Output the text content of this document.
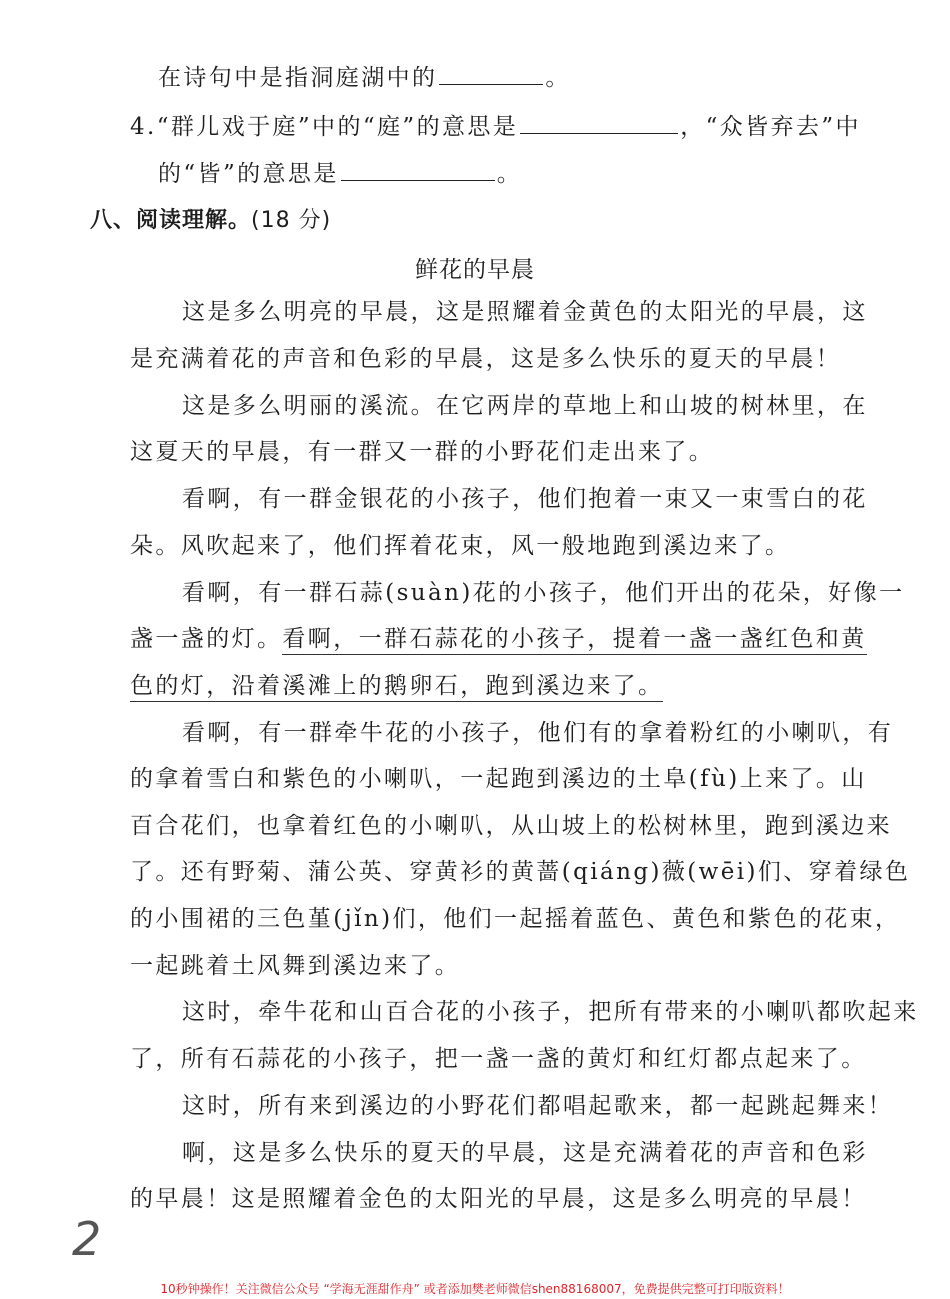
在诗句中是指洞庭湖中的	。
4.“群儿戏于庭”中的“庭”的意思是	，“众皆弃去”中
的“皆”的意思是	。
八、阅读理解。(18 分)
鲜花的早晨
这是多么明亮的早晨，这是照耀着金黄色的太阳光的早晨，这
是充满着花的声音和色彩的早晨，这是多么快乐的夏天的早晨！
这是多么明丽的溪流。在它两岸的草地上和山坡的树林里，在
这夏天的早晨，有一群又一群的小野花们走出来了。
看啊，有一群金银花的小孩子，他们抱着一束又一束雪白的花
朵。风吹起来了，他们挥着花束，风一般地跑到溪边来了。
看啊，有一群石蒜(suàn)花的小孩子，他们开出的花朵，好像一
盏一盏的灯。看啊，一群石蒜花的小孩子，提着一盏一盏红色和黄
色的灯，沿着溪滩上的鹅卵石，跑到溪边来了。
看啊，有一群牵牛花的小孩子，他们有的拿着粉红的小喇叭，有
的拿着雪白和紫色的小喇叭，一起跑到溪边的土阜(fù)上来了。山
百合花们，也拿着红色的小喇叭，从山坡上的松树林里，跑到溪边来
了。还有野菊、蒲公英、穿黄衫的黄蔷(qiáng)薇(wēi)们、穿着绿色
的小围裙的三色堇(jǐn)们，他们一起摇着蓝色、黄色和紫色的花束，
一起跳着土风舞到溪边来了。
这时，牵牛花和山百合花的小孩子，把所有带来的小喇叭都吹起来
了，所有石蒜花的小孩子，把一盏一盏的黄灯和红灯都点起来了。
这时，所有来到溪边的小野花们都唱起歌来，都一起跳起舞来！
啊，这是多么快乐的夏天的早晨，这是充满着花的声音和色彩
的早晨！这是照耀着金色的太阳光的早晨，这是多么明亮的早晨！
2
10秒钟操作！关注微信公众号 “学海无涯甜作舟” 或者添加樊老师微信shen88168007，免费提供完整可打印版资料！
